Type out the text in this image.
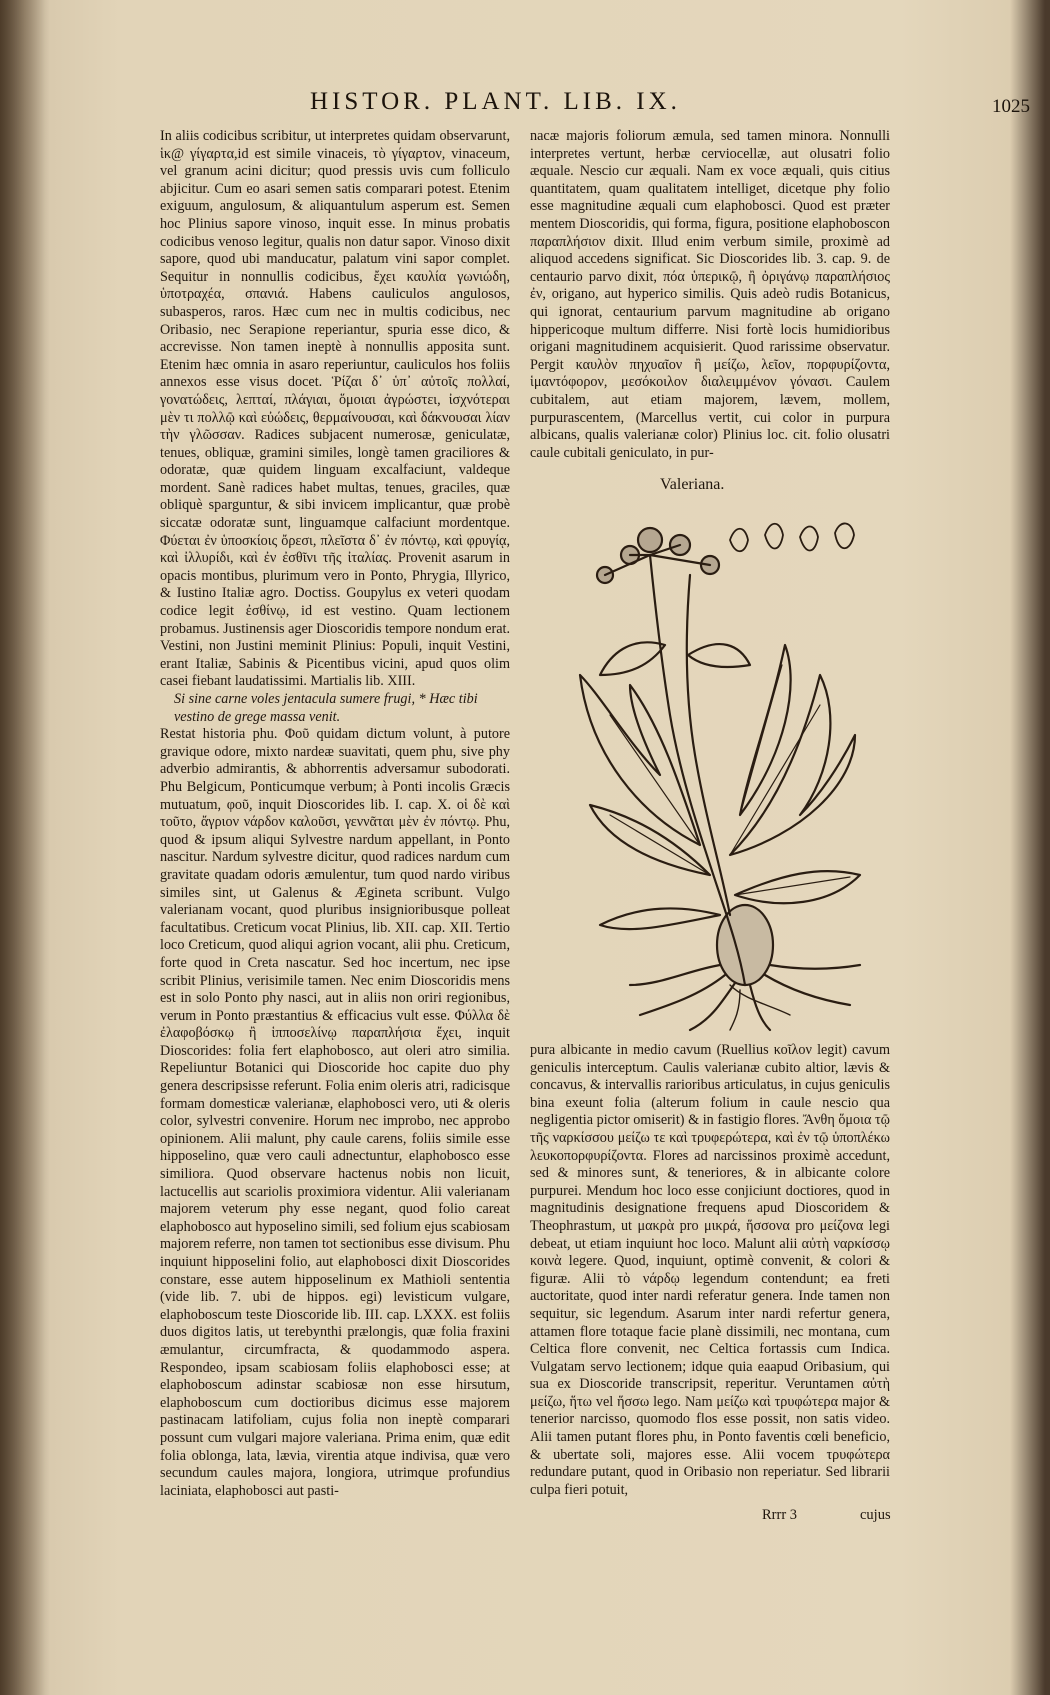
HISTOR. PLANT. LIB. IX.	1025

In aliis codicibus scribitur, ut interpretes quidam observarunt, ἱκ@ γίγαρτα,id est simile vinaceis, τὸ γίγαρτον, vinaceum, vel granum acini dicitur; quod pressis uvis cum folliculo abjicitur. Cum eo asari semen satis comparari potest. Etenim exiguum, angulosum, & aliquantulum asperum est. Semen hoc Plinius sapore vinoso, inquit esse. In minus probatis codicibus venoso legitur, qualis non datur sapor. Vinoso dixit sapore, quod ubi manducatur, palatum vini sapor complet. Sequitur in nonnullis codicibus, ἔχει καυλία γωνιώδη, ὑποτραχέα, σπανιά. Habens cauliculos angulosos, subasperos, raros. Hæc cum nec in multis codicibus, nec Oribasio, nec Serapione reperiantur, spuria esse dico, & accrevisse. Non tamen ineptè à nonnullis apposita sunt. Etenim hæc omnia in asaro reperiuntur, cauliculos hos foliis annexos esse visus docet. Ῥίζαι δ᾽ ὑπ᾽ αὐτοῖς πολλαί, γονατώδεις, λεπταί, πλάγιαι, ὅμοιαι ἀγρώστει, ἰσχνότεραι μὲν τι πολλῷ καὶ εὐώδεις, θερμαίνουσαι, καὶ δάκνουσαι λίαν τὴν γλῶσσαν. Radices subjacent numerosæ, geniculatæ, tenues, obliquæ, gramini similes, longè tamen graciliores & odoratæ, quæ quidem linguam excalfaciunt, valdeque mordent. Sanè radices habet multas, tenues, graciles, quæ obliquè sparguntur, & sibi invicem implicantur, quæ probè siccatæ odoratæ sunt, linguamque calfaciunt mordentque. Φύεται ἐν ὑποσκίοις ὄρεσι, πλεῖστα δ᾽ ἐν πόντῳ, καὶ φρυγίᾳ, καὶ ἰλλυρίδι, καὶ ἐν ἐσθῖνι τῆς ἰταλίας. Provenit asarum in opacis montibus, plurimum vero in Ponto, Phrygia, Illyrico, & Iustino Italiæ agro. Doctiss. Goupylus ex veteri quodam codice legit ἐσθίνῳ, id est vestino. Quam lectionem probamus. Justinensis ager Dioscoridis tempore nondum erat. Vestini, non Justini meminit Plinius: Populi, inquit Vestini, erant Italiæ, Sabinis & Picentibus vicini, apud quos olim casei fiebant laudatissimi. Martialis lib. XIII.

Si sine carne voles jentacula sumere frugi, * Hæc tibi vestino de grege massa venit.

Restat historia phu. Φοῦ quidam dictum volunt, à putore gravique odore, mixto nardeæ suavitati, quem phu, sive phy adverbio admirantis, & abhorrentis adversamur subodorati. Phu Belgicum, Ponticumque verbum; à Ponti incolis Græcis mutuatum, φοῦ, inquit Dioscorides lib. I. cap. X. οἱ δὲ καὶ τοῦτο, ἄγριον νάρδον καλοῦσι, γεννᾶται μὲν ἐν πόντῳ. Phu, quod & ipsum aliqui Sylvestre nardum appellant, in Ponto nascitur. Nardum sylvestre dicitur, quod radices nardum cum gravitate quadam odoris æmulentur, tum quod nardo viribus similes sint, ut Galenus & Ægineta scribunt. Vulgo valerianam vocant, quod pluribus insignioribusque polleat facultatibus. Creticum vocat Plinius, lib. XII. cap. XII. Tertio loco Creticum, quod aliqui agrion vocant, alii phu. Creticum, forte quod in Creta nascatur. Sed hoc incertum, nec ipse scribit Plinius, verisimile tamen. Nec enim Dioscoridis mens est in solo Ponto phy nasci, aut in aliis non oriri regionibus, verum in Ponto præstantius & efficacius vult esse. Φύλλα δὲ ἐλαφοβόσκῳ ἢ ἱπποσελίνῳ παραπλήσια ἔχει, inquit Dioscorides: folia fert elaphobosco, aut oleri atro similia. Repeliuntur Botanici qui Dioscoride hoc capite duo phy genera descripsisse referunt. Folia enim oleris atri, radicisque formam domesticæ valerianæ, elaphobosci vero, uti & oleris color, sylvestri convenire. Horum nec improbo, nec approbo opinionem. Alii malunt, phy caule carens, foliis simile esse hipposelino, quæ vero cauli adnectuntur, elaphobosco esse similiora. Quod observare hactenus nobis non licuit, lactucellis aut scariolis proximiora videntur. Alii valerianam majorem veterum phy esse negant, quod folio careat elaphobosco aut hyposelino simili, sed folium ejus scabiosam majorem referre, non tamen tot sectionibus esse divisum. Phu inquiunt hipposelini folio, aut elaphobosci dixit Dioscorides constare, esse autem hipposelinum ex Mathioli sententia (vide lib. 7. ubi de hippos. egi) levisticum vulgare, elaphoboscum teste Dioscoride lib. III. cap. LXXX. est foliis duos digitos latis, ut terebynthi prælongis, quæ folia fraxini æmulantur, circumfracta, & quodammodo aspera. Respondeo, ipsam scabiosam foliis elaphobosci esse; at elaphoboscum adinstar scabiosæ non esse hirsutum, elaphoboscum cum doctioribus dicimus esse majorem pastinacam latifoliam, cujus folia non ineptè comparari possunt cum vulgari majore valeriana. Prima enim, quæ edit folia oblonga, lata, lævia, virentia atque indivisa, quæ vero secundum caules majora, longiora, utrimque profundius laciniata, elaphobosci aut pasti-

nacæ majoris foliorum æmula, sed tamen minora. Nonnulli interpretes vertunt, herbæ cerviocellæ, aut olusatri folio æquale. Nescio cur æquali. Nam ex voce æquali, quis citius quantitatem, quam qualitatem intelliget, dicetque phy folio esse magnitudine æquali cum elaphobosci. Quod est præter mentem Dioscoridis, qui forma, figura, positione elaphoboscon παραπλήσιον dixit. Illud enim verbum simile, proximè ad aliquod accedens significat. Sic Dioscorides lib. 3. cap. 9. de centaurio parvo dixit, πόα ὑπερικῷ, ἢ ὀριγάνῳ παραπλήσιος ἐν, origano, aut hyperico similis. Quis adeò rudis Botanicus, qui ignorat, centaurium parvum magnitudine ab origano hippericoque multum differre. Nisi fortè locis humidioribus origani magnitudinem acquisierit. Quod rarissime observatur. Pergit καυλὸν πηχυαῖον ἢ μείζω, λεῖον, πορφυρίζοντα, ἱμαντόφορον, μεσόκοιλον διαλειμμένον γόνασι. Caulem cubitalem, aut etiam majorem, lævem, mollem, purpurascentem, (Marcellus vertit, cui color in purpura albicans, qualis valerianæ color) Plinius loc. cit. folio olusatri caule cubitali geniculato, in pur-

Valeriana.

pura albicante in medio cavum (Ruellius κοῖλον legit) cavum geniculis interceptum. Caulis valerianæ cubito altior, lævis & concavus, & intervallis rarioribus articulatus, in cujus geniculis bina exeunt folia (alterum folium in caule nescio qua negligentia pictor omiserit) & in fastigio flores. Ἄνθη ὅμοια τῷ τῆς ναρκίσσου μείζω τε καὶ τρυφερώτερα, καὶ ἐν τῷ ὑποπλέκω λευκοπορφυρίζοντα. Flores ad narcissinos proximè accedunt, sed & minores sunt, & teneriores, & in albicante colore purpurei. Mendum hoc loco esse conjiciunt doctiores, quod in magnitudinis designatione frequens apud Dioscoridem & Theophrastum, ut μακρὰ pro μικρά, ἥσσονα pro μείζονα legi debeat, ut etiam inquiunt hoc loco. Malunt alii αὐτὴ ναρκίσσῳ κοινὰ legere. Quod, inquiunt, optimè convenit, & colori & figuræ. Alii τὸ νάρδῳ legendum contendunt; ea freti auctoritate, quod inter nardi referatur genera. Inde tamen non sequitur, sic legendum. Asarum inter nardi refertur genera, attamen flore totaque facie planè dissimili, nec montana, cum Celtica flore convenit, nec Celtica fortassis cum Indica. Vulgatam servo lectionem; idque quia eaapud Oribasium, qui sua ex Dioscoride transcripsit, reperitur. Veruntamen αὐτὴ μείζω, ἥτω vel ἥσσω lego. Nam μείζω καὶ τρυφώτερα major & tenerior narcisso, quomodo flos esse possit, non satis video. Alii tamen putant flores phu, in Ponto faventis cœli beneficio, & ubertate soli, majores esse. Alii vocem τρυφώτερα redundare putant, quod in Oribasio non reperiatur. Sed librarii culpa fieri potuit,

Rrrr 3	cujus
